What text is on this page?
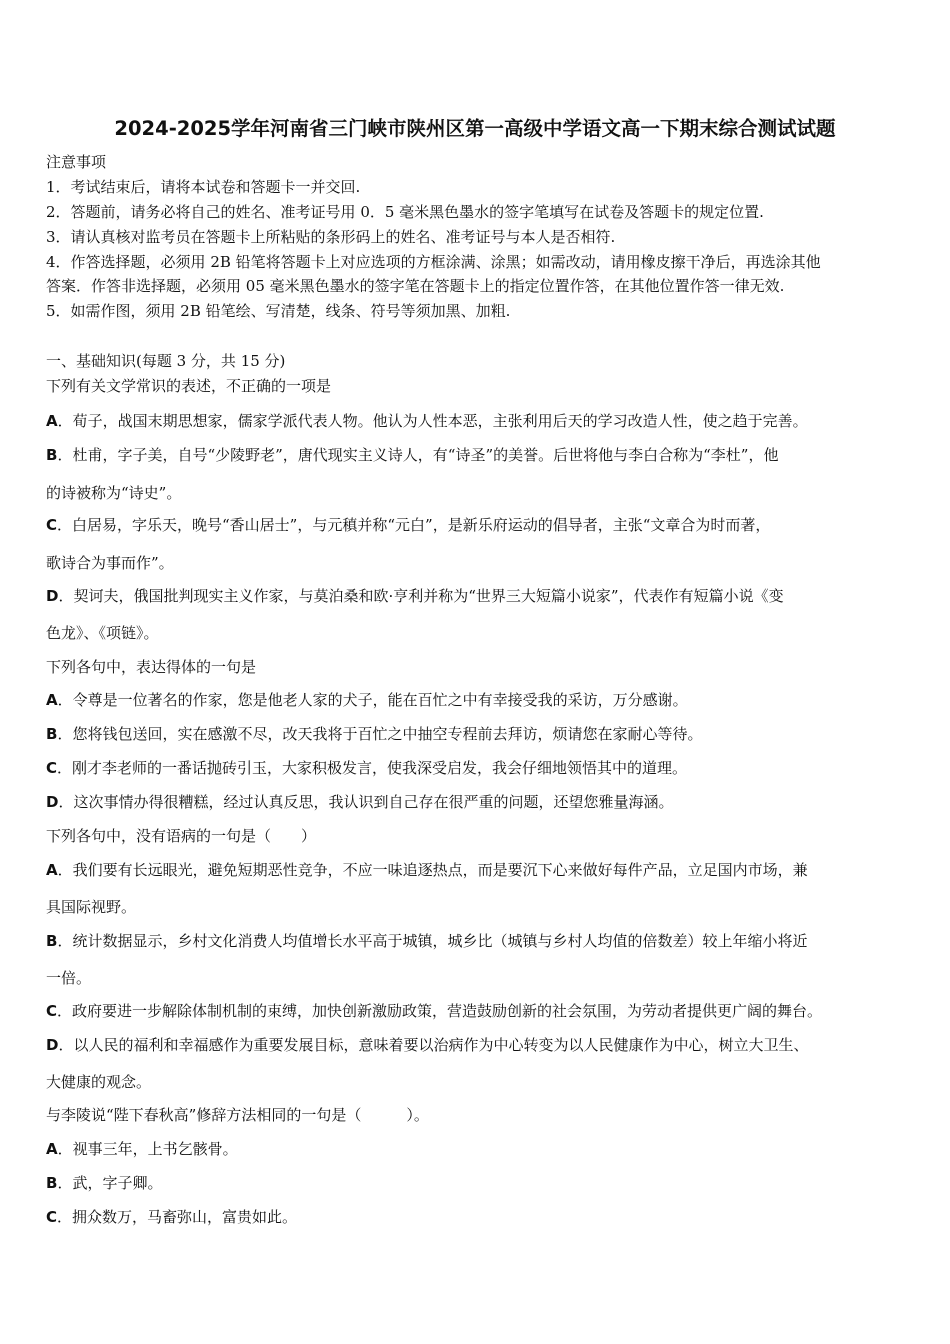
2024-2025学年河南省三门峡市陕州区第一高级中学语文高一下期末综合测试试题
注意事项
1．考试结束后，请将本试卷和答题卡一并交回.
2．答题前，请务必将自己的姓名、准考证号用 0．5 毫米黑色墨水的签字笔填写在试卷及答题卡的规定位置.
3．请认真核对监考员在答题卡上所粘贴的条形码上的姓名、准考证号与本人是否相符.
4．作答选择题，必须用 2B 铅笔将答题卡上对应选项的方框涂满、涂黑；如需改动，请用橡皮擦干净后，再选涂其他
答案．作答非选择题，必须用 05 毫米黑色墨水的签字笔在答题卡上的指定位置作答，在其他位置作答一律无效.
5．如需作图，须用 2B 铅笔绘、写清楚，线条、符号等须加黑、加粗.
一、基础知识(每题 3 分，共 15 分)
下列有关文学常识的表述，不正确的一项是
A．荀子，战国末期思想家，儒家学派代表人物。他认为人性本恶，主张利用后天的学习改造人性，使之趋于完善。
B．杜甫，字子美，自号“少陵野老”，唐代现实主义诗人，有“诗圣”的美誉。后世将他与李白合称为“李杜”，他
的诗被称为“诗史”。
C．白居易，字乐天，晚号“香山居士”，与元稹并称“元白”，是新乐府运动的倡导者，主张“文章合为时而著，
歌诗合为事而作”。
D．契诃夫，俄国批判现实主义作家，与莫泊桑和欧·亨利并称为“世界三大短篇小说家”，代表作有短篇小说《变
色龙》、《项链》。
下列各句中，表达得体的一句是
A．令尊是一位著名的作家，您是他老人家的犬子，能在百忙之中有幸接受我的采访，万分感谢。
B．您将钱包送回，实在感激不尽，改天我将于百忙之中抽空专程前去拜访，烦请您在家耐心等待。
C．刚才李老师的一番话抛砖引玉，大家积极发言，使我深受启发，我会仔细地领悟其中的道理。
D．这次事情办得很糟糕，经过认真反思，我认识到自己存在很严重的问题，还望您雅量海涵。
下列各句中，没有语病的一句是（　　）
A．我们要有长远眼光，避免短期恶性竞争，不应一味追逐热点，而是要沉下心来做好每件产品，立足国内市场，兼
具国际视野。
B．统计数据显示，乡村文化消费人均值增长水平高于城镇，城乡比（城镇与乡村人均值的倍数差）较上年缩小将近
一倍。
C．政府要进一步解除体制机制的束缚，加快创新激励政策，营造鼓励创新的社会氛围，为劳动者提供更广阔的舞台。
D．以人民的福利和幸福感作为重要发展目标，意味着要以治病作为中心转变为以人民健康作为中心，树立大卫生、
大健康的观念。
与李陵说“陛下春秋高”修辞方法相同的一句是（　　　）。
A．视事三年，上书乞骸骨。
B．武，字子卿。
C．拥众数万，马畜弥山，富贵如此。
